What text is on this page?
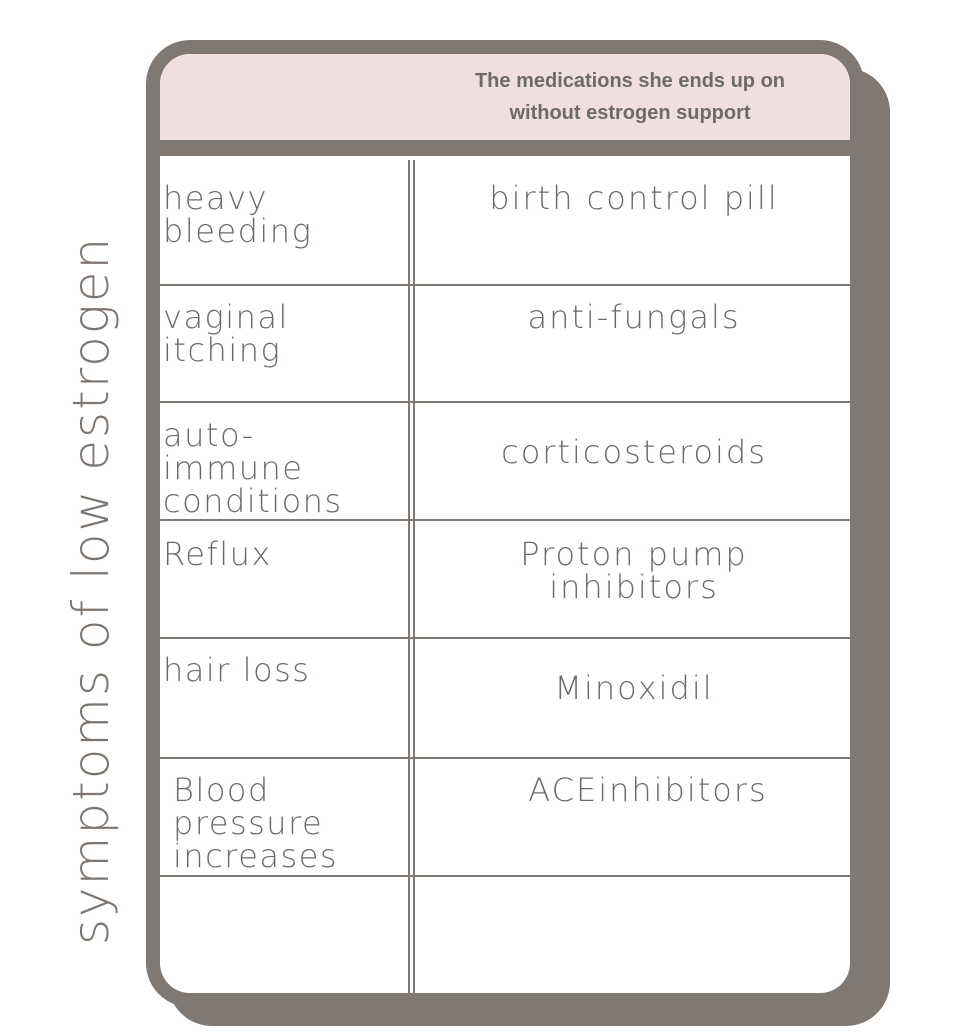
symptoms of low estrogen
The medications she ends up on
without estrogen support
heavy
bleeding
birth control pill
vaginal
itching
anti-fungals
auto-
immune
conditions
corticosteroids
Reflux	Proton pump
inhibitors
hair loss	Minoxidil
Blood
pressure
increases
ACEinhibitors
